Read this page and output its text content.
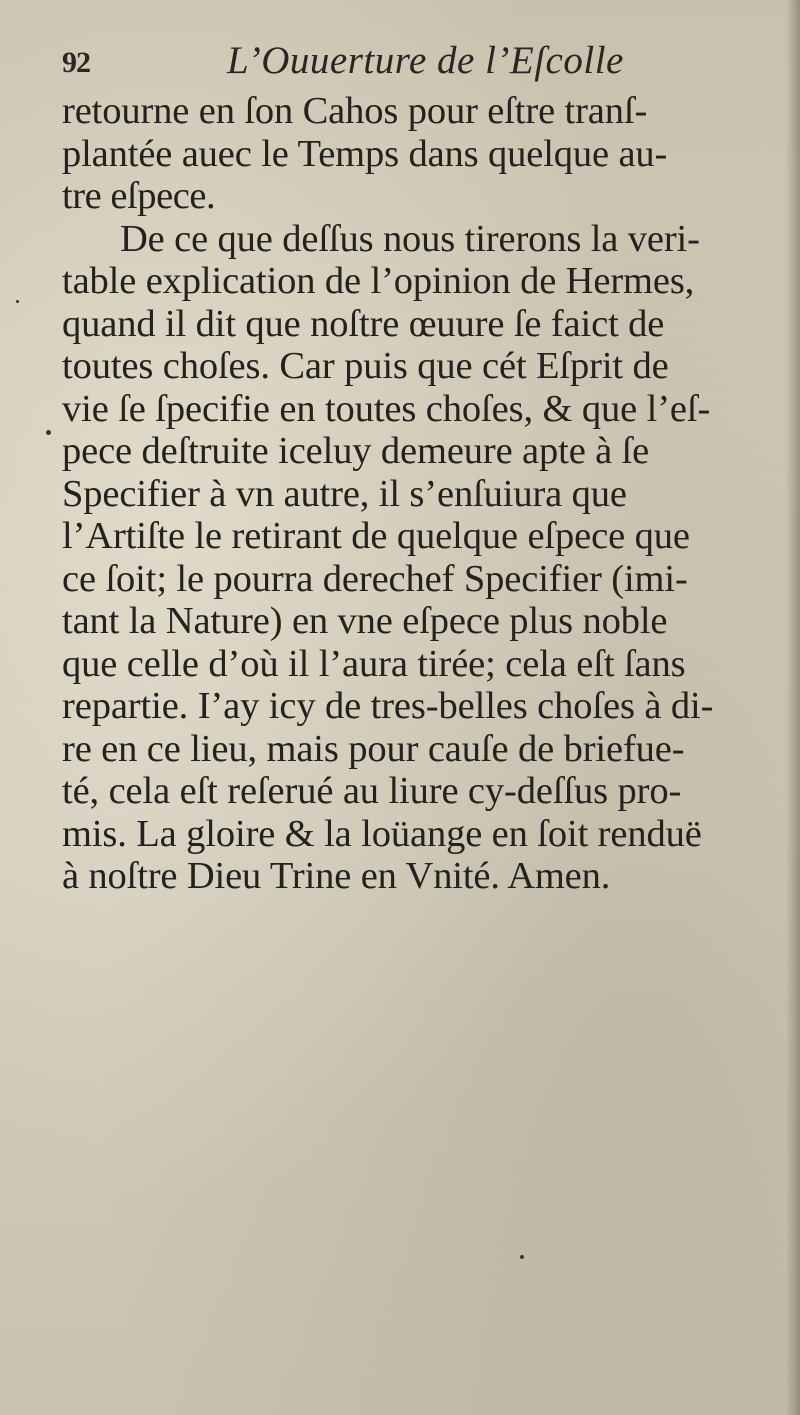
92	L’Ouuerture de l’Eſcolle
retourne en ſon Cahos pour eſtre tranſ-
plantée auec le Temps dans quelque au-
tre eſpece.
De ce que deſſus nous tirerons la veri-
table explication de l’opinion de Hermes,
quand il dit que noſtre œuure ſe faict de
toutes choſes. Car puis que cét Eſprit de
vie ſe ſpecifie en toutes choſes, & que l’eſ-
pece deſtruite iceluy demeure apte à ſe
Specifier à vn autre, il s’enſuiura que
l’Artiſte le retirant de quelque eſpece que
ce ſoit; le pourra derechef Specifier (imi-
tant la Nature) en vne eſpece plus noble
que celle d’où il l’aura tirée; cela eſt ſans
repartie. I’ay icy de tres-belles choſes à di-
re en ce lieu, mais pour cauſe de briefue-
té, cela eſt reſerué au liure cy-deſſus pro-
mis. La gloire & la loüange en ſoit renduë
à noſtre Dieu Trine en Vnité. Amen.
